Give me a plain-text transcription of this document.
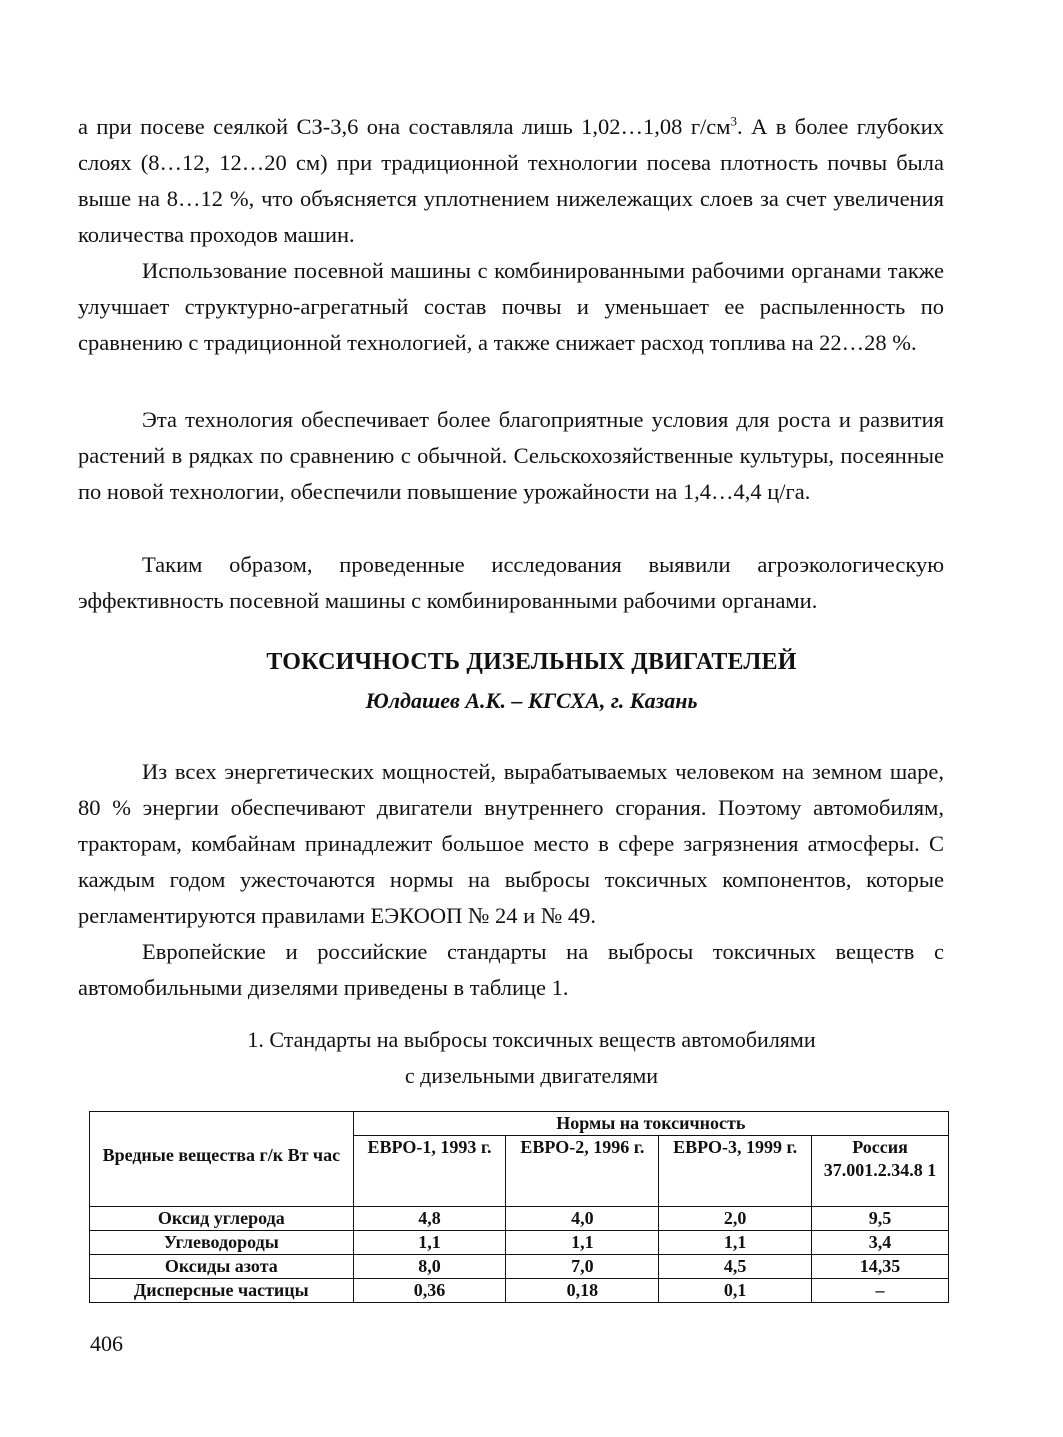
а при посеве сеялкой СЗ-3,6 она составляла лишь 1,02…1,08 $г/см^3$. А в более глубоких слоях (8…12, 12…20 см) при традиционной технологии посева плотность почвы была выше на 8…12 %, что объясняется уплотнением нижележащих слоев за счет увеличения количества проходов машин.

Использование посевной машины с комбинированными рабочими органами также улучшает структурно-агрегатный состав почвы и уменьшает ее распыленность по сравнению с традиционной технологией, а также снижает расход топлива на 22…28 %.

Эта технология обеспечивает более благоприятные условия для роста и развития растений в рядках по сравнению с обычной. Сельскохозяйственные культуры, посеянные по новой технологии, обеспечили повышение урожайности на 1,4…4,4 ц/га.

Таким образом, проведенные исследования выявили агроэкологическую эффективность посевной машины с комбинированными рабочими органами.

ТОКСИЧНОСТЬ ДИЗЕЛЬНЫХ ДВИГАТЕЛЕЙ

Юлдашев А.К. – КГСХА, г. Казань

Из всех энергетических мощностей, вырабатываемых человеком на земном шаре, 80 % энергии обеспечивают двигатели внутреннего сгорания. Поэтому автомобилям, тракторам, комбайнам принадлежит большое место в сфере загрязнения атмосферы. С каждым годом ужесточаются нормы на выбросы токсичных компонентов, которые регламентируются правилами ЕЭКООП № 24 и № 49.

Европейские и российские стандарты на выбросы токсичных веществ с автомобильными дизелями приведены в таблице 1.

1. Стандарты на выбросы токсичных веществ автомобилями

с дизельными двигателями

Вредные вещества г/к Вт час	Нормы на токсичность			
	ЕВРО-1, 1993 г.	ЕВРО-2, 1996 г.	ЕВРО-3, 1999 г.	Россия 37.001.2.34.8 1
Оксид углерода	4,8	4,0	2,0	9,5
Углеводороды	1,1	1,1	1,1	3,4
Оксиды азота	8,0	7,0	4,5	14,35
Дисперсные частицы	0,36	0,18	0,1	–

406
